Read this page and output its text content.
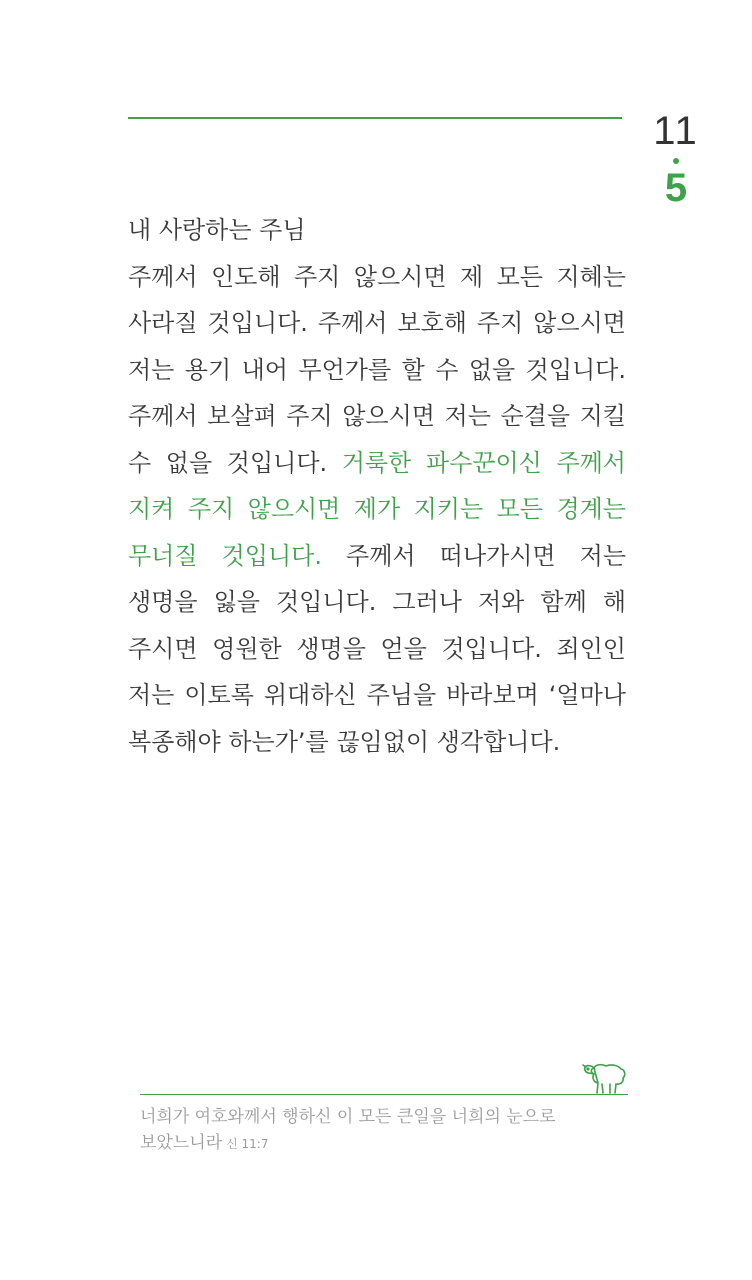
11
5

내 사랑하는 주님

주께서 인도해 주지 않으시면 제 모든 지혜는 사라질 것입니다. 주께서 보호해 주지 않으시면 저는 용기 내어 무언가를 할 수 없을 것입니다. 주께서 보살펴 주지 않으시면 저는 순결을 지킬 수 없을 것입니다. 거룩한 파수꾼이신 주께서 지켜 주지 않으시면 제가 지키는 모든 경계는 무너질 것입니다. 주께서 떠나가시면 저는 생명을 잃을 것입니다. 그러나 저와 함께 해 주시면 영원한 생명을 얻을 것입니다. 죄인인 저는 이토록 위대하신 주님을 바라보며 ‘얼마나 복종해야 하는가’를 끊임없이 생각합니다.

너희가 여호와께서 행하신 이 모든 큰일을 너희의 눈으로 보았느니라 신 11:7
